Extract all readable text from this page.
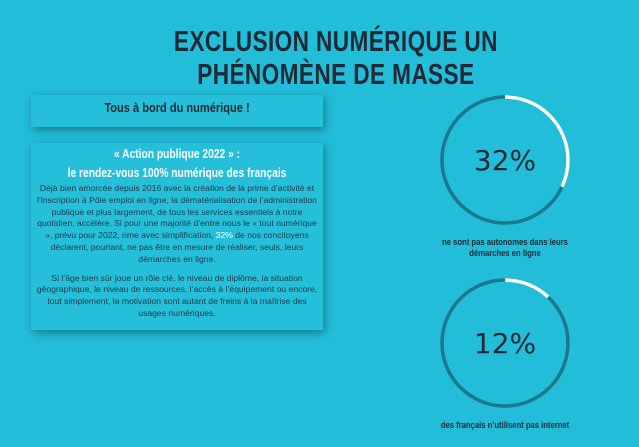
EXCLUSION NUMÉRIQUE UN PHÉNOMÈNE DE MASSE
Tous à bord du numérique !
« Action publique 2022 » :
le rendez-vous 100% numérique des français
Déjà bien amorcée depuis 2016 avec la création de la prime d’activité et l’inscription à Pôle emploi en ligne, la dématérialisation de l’administration publique et plus largement, de tous les services essentiels à notre quotidien, accélère. Si pour une majorité d’entre nous le « tout numérique », prévu pour 2022, rime avec simplification, 32% de nos concitoyens déclarent, pourtant, ne pas être en mesure de réaliser, seuls, leurs démarches en ligne.
Si l’âge bien sûr joue un rôle clé, le niveau de diplôme, la situation géographique, le niveau de ressources, l’accès à l’équipement ou encore, tout simplement, la motivation sont autant de freins à la maîtrise des usages numériques.
32%
ne sont pas autonomes dans leurs
démarches en ligne
12%
des français n’utilisent pas internet
